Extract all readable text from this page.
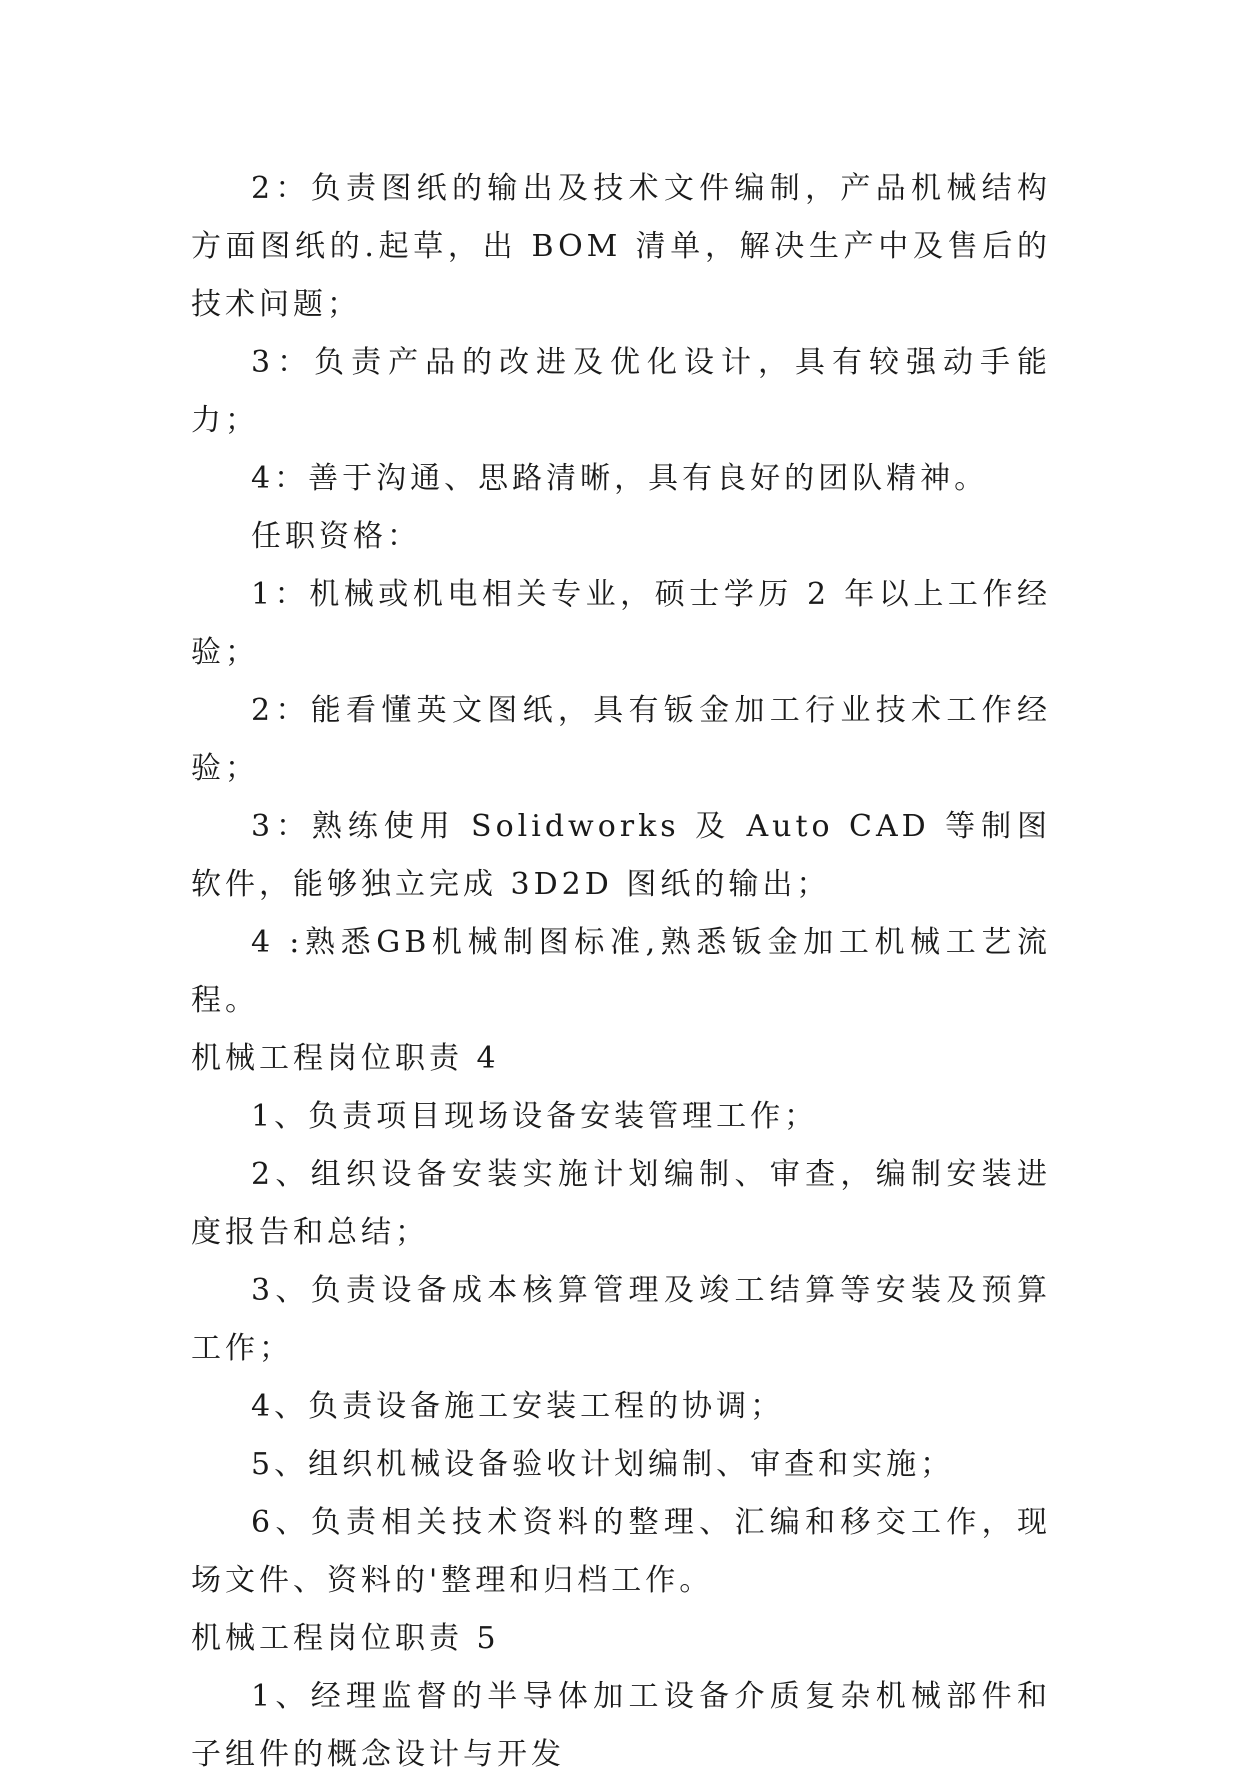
2：负责图纸的输出及技术文件编制，产品机械结构方面图纸的.起草，出 BOM 清单，解决生产中及售后的技术问题；

3：负责产品的改进及优化设计，具有较强动手能力；

4：善于沟通、思路清晰，具有良好的团队精神。

任职资格：

1：机械或机电相关专业，硕士学历 2 年以上工作经验；

2：能看懂英文图纸，具有钣金加工行业技术工作经验；

3：熟练使用 Solidworks 及 Auto CAD 等制图软件，能够独立完成 3D2D 图纸的输出；

4 :熟悉GB机械制图标准,熟悉钣金加工机械工艺流程。

机械工程岗位职责 4

1、负责项目现场设备安装管理工作；

2、组织设备安装实施计划编制、审查，编制安装进度报告和总结；

3、负责设备成本核算管理及竣工结算等安装及预算工作；

4、负责设备施工安装工程的协调；

5、组织机械设备验收计划编制、审查和实施；

6、负责相关技术资料的整理、汇编和移交工作，现场文件、资料的'整理和归档工作。

机械工程岗位职责 5

1、经理监督的半导体加工设备介质复杂机械部件和子组件的概念设计与开发
